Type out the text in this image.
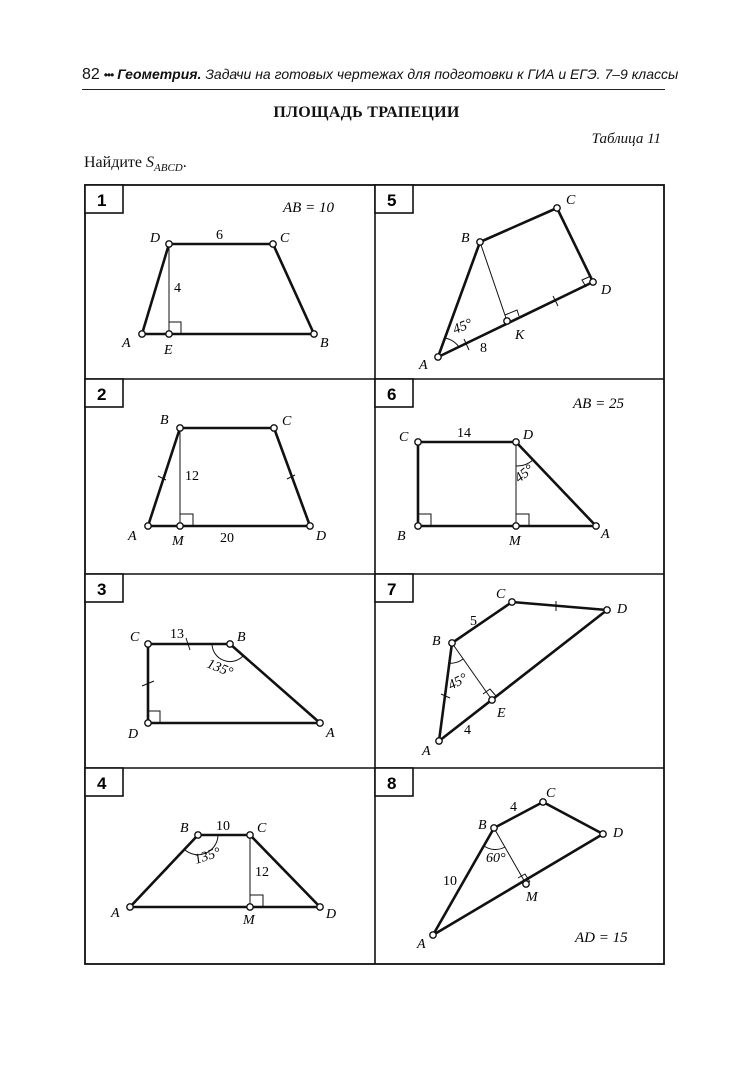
82 ••• Геометрия. Задачи на готовых чертежах для подготовки к ГИА и ЕГЭ. 7–9 классы
ПЛОЩАДЬ ТРАПЕЦИИ
Таблица 11
Найдите $S_{ABCD}$.
1
2
3
4
5
6
7
8
A	B
C
D
E
6
4
AB = 10
A	D
C
B
M
12
20
D	A
B
C 13
135°
A	D
C
B
M
10
12
135°
A
D
C
B
K
8
45°
B	A
D
C
M
14
45°
AB = 25
A
D
C
B
E
5
4
45°
A
D
C
B
M
4
10
60°
AD = 15
